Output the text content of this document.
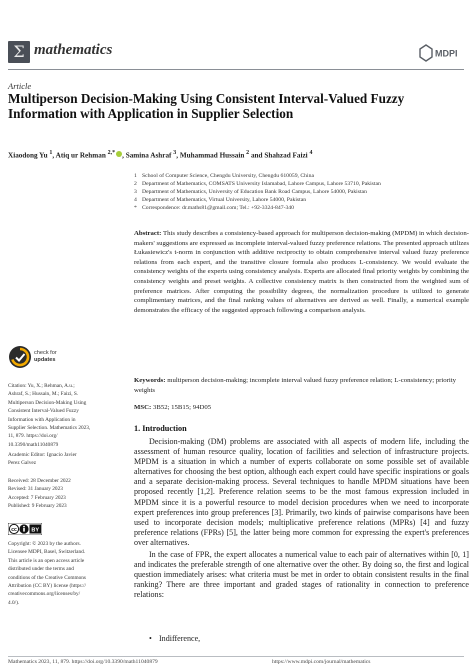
Σ mathematics	MDPI
Article
Multiperson Decision-Making Using Consistent Interval-Valued Fuzzy Information with Application in Supplier Selection
Xiaodong Yu $^1$, Atiq ur Rehman $^{2,*}$ , Samina Ashraf $^3$, Muhammad Hussain $^2$ and Shahzad Faizi $^4$
1 School of Computer Science, Chengdu University, Chengdu 610059, China
2 Department of Mathematics, COMSATS University Islamabad, Lahore Campus, Lahore 53710, Pakistan
3 Department of Mathematics, University of Education Bank Road Campus, Lahore 54000, Pakistan
4 Department of Mathematics, Virtual University, Lahore 54000, Pakistan
* Correspondence: dr.maths81@gmail.com; Tel.: +92-3324-847-340
Abstract: This study describes a consistency-based approach for multiperson decision-making (MPDM) in which decision-makers' suggestions are expressed as incomplete interval-valued fuzzy preference relations. The presented approach utilizes Łukasiewicz's t-norm in conjunction with additive reciprocity to obtain comprehensive interval valued fuzzy preference relations from each expert, and the transitive closure formula also produces L-consistency. We would evaluate the consistency weights of the experts using consistency analysis. Experts are allocated final priority weights by combining the consistency weights and preset weights. A collective consistency matrix is then constructed from the weighted sum of preference matrices. After computing the possibility degrees, the normalization procedure is utilized to generate complimentary matrices, and the final ranking values of alternatives are derived as well. Finally, a numerical example demonstrates the efficacy of the suggested approach following a comparison analysis.
Keywords: multiperson decision-making; incomplete interval valued fuzzy preference relation; L-consistency; priority weights
MSC: 3B52; 15B15; 94D05
check for
updates
Citation: Yu, X.; Rehman, A.u.;
Ashraf, S.; Hussain, M.; Faizi, S.
Multiperson Decision-Making Using
Consistent Interval-Valued Fuzzy
Information with Application in
Supplier Selection. Mathematics 2023,
11, 879. https://doi.org/
10.3390/math11040879
Academic Editor: Ignacio Javier
Perez Galvez
Received: 28 December 2022
Revised: 31 January 2023
Accepted: 7 February 2023
Published: 9 February 2023
cc	BY
Copyright: © 2023 by the authors.
Licensee MDPI, Basel, Switzerland.
This article is an open access article
distributed under the terms and
conditions of the Creative Commons
Attribution (CC BY) license (https://
creativecommons.org/licenses/by/
4.0/).
1. Introduction

Decision-making (DM) problems are associated with all aspects of modern life, including the assessment of human resource quality, location of facilities and selection of infrastructure projects. MPDM is a situation in which a number of experts collaborate on some possible set of available alternatives for choosing the best option, although each expert could have specific inspirations or goals and a separate decision-making process. Several techniques to handle MPDM situations have been proposed recently [1,2]. Preference relation seems to be the most famous expression included in MPDM since it is a powerful resource to model decision procedures when we need to incorporate expert preferences into group preferences [3]. Primarily, two kinds of pairwise comparisons have been used to incorporate decision models; multiplicative preference relations (MPRs) [4] and fuzzy preference relations (FPRs) [5], the latter being more common for expressing the expert's preferences over alternatives.

In the case of FPR, the expert allocates a numerical value to each pair of alternatives within [0, 1] and indicates the preferable strength of one alternative over the other. By doing so, the first and logical question immediately arises: what criteria must be met in order to obtain consistent results in the final ranking? There are three important and graded stages of rationality in connection to preference relations:

• Indifference,
Mathematics 2023, 11, 879. https://doi.org/10.3390/math11040879	https://www.mdpi.com/journal/mathematics
